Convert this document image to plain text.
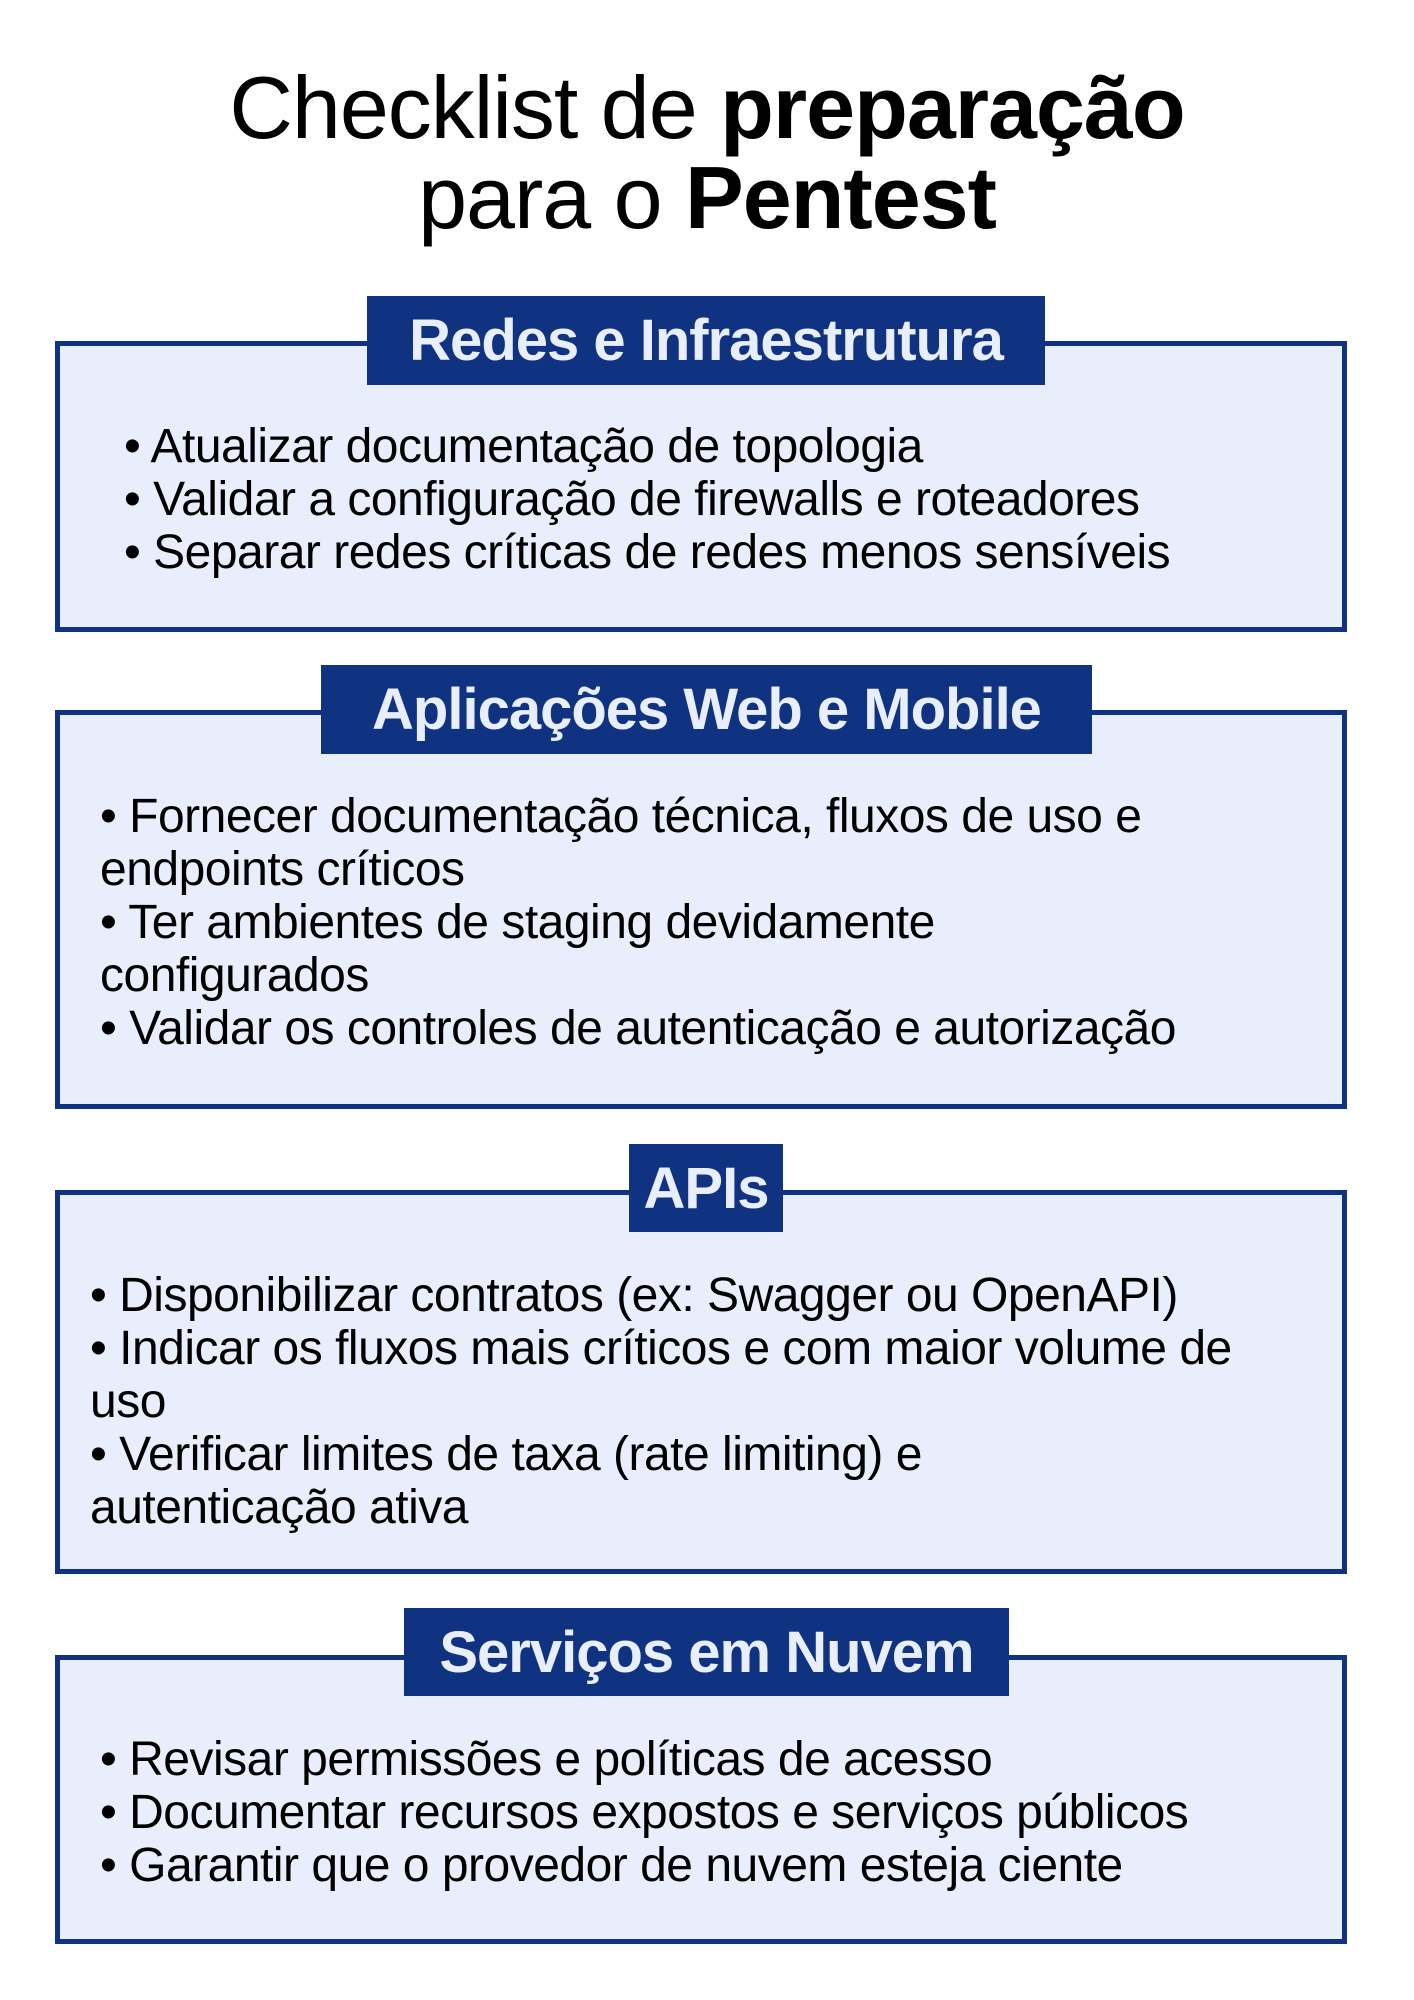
Checklist de preparação
para o Pentest
Redes e Infraestrutura
• Atualizar documentação de topologia
• Validar a configuração de firewalls e roteadores
• Separar redes críticas de redes menos sensíveis
Aplicações Web e Mobile
• Fornecer documentação técnica, fluxos de uso e endpoints críticos
• Ter ambientes de staging devidamente configurados
• Validar os controles de autenticação e autorização
APIs
• Disponibilizar contratos (ex: Swagger ou OpenAPI)
• Indicar os fluxos mais críticos e com maior volume de uso
• Verificar limites de taxa (rate limiting) e autenticação ativa
Serviços em Nuvem
• Revisar permissões e políticas de acesso
• Documentar recursos expostos e serviços públicos
• Garantir que o provedor de nuvem esteja ciente
